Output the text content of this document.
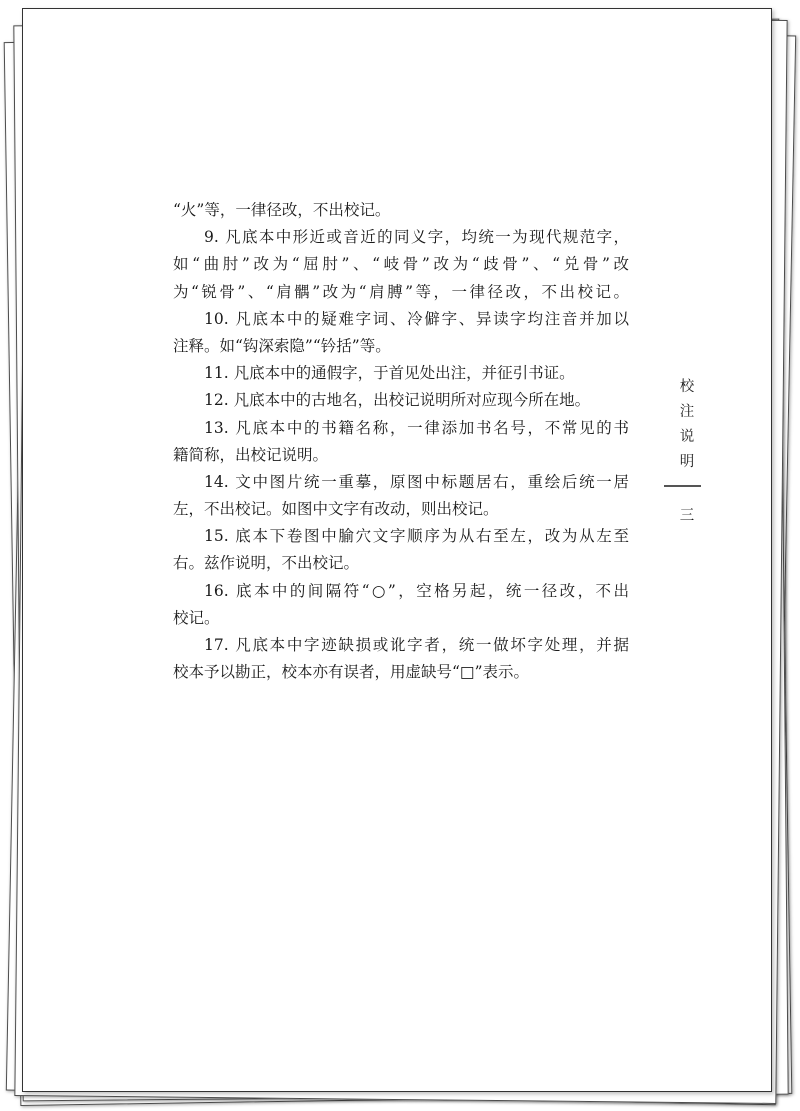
“火”等，一律径改，不出校记。
9. 凡底本中形近或音近的同义字，均统一为现代规范字，
如“曲肘”改为“屈肘”、“岐骨”改为“歧骨”、“兑骨”改
为“锐骨”、“肩髃”改为“肩膊”等，一律径改，不出校记。
10. 凡底本中的疑难字词、冷僻字、异读字均注音并加以
注释。如“钩深索隐”“钤括”等。
11. 凡底本中的通假字，于首见处出注，并征引书证。
12. 凡底本中的古地名，出校记说明所对应现今所在地。
13. 凡底本中的书籍名称，一律添加书名号，不常见的书
籍简称，出校记说明。
14. 文中图片统一重摹，原图中标题居右，重绘后统一居
左，不出校记。如图中文字有改动，则出校记。
15. 底本下卷图中腧穴文字顺序为从右至左，改为从左至
右。兹作说明，不出校记。
16. 底本中的间隔符“○”，空格另起，统一径改，不出
校记。
17. 凡底本中字迹缺损或讹字者，统一做坏字处理，并据
校本予以勘正，校本亦有误者，用虚缺号“□”表示。
校
注
说
明
三
